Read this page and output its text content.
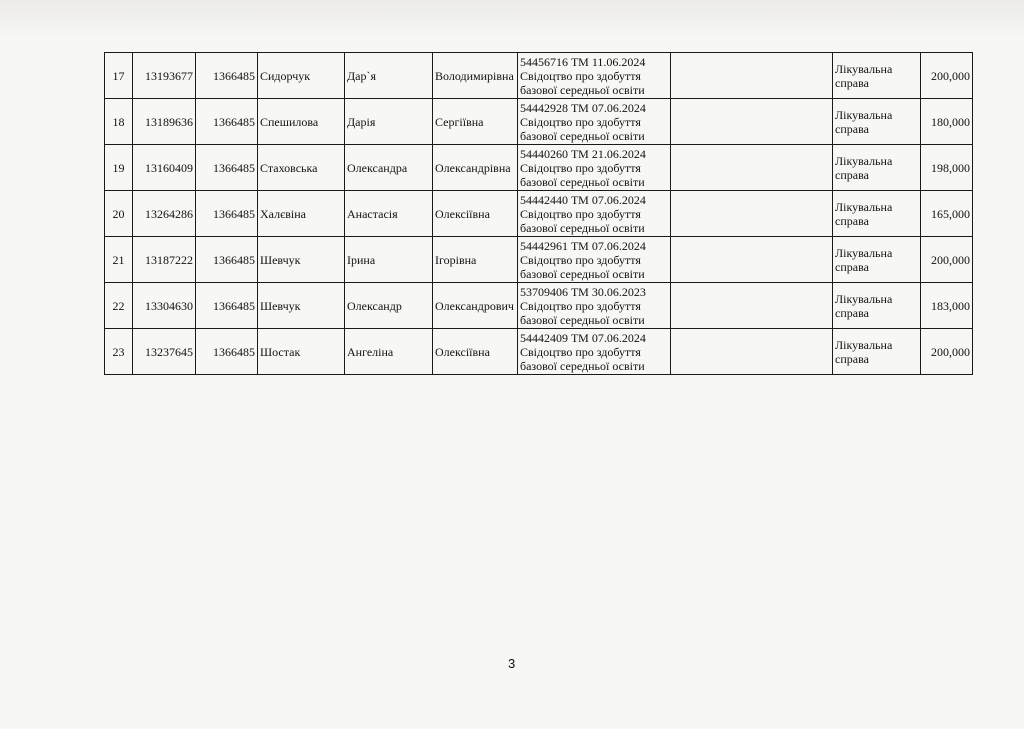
17	13193677	1366485	Сидорчук	Дар`я	Володимирівна	54456716 ТМ 11.06.2024
Свідоцтво про здобуття
базової середньої освіти		Лікувальна
справа	200,000
18	13189636	1366485	Спешилова	Дарія	Сергіївна	54442928 ТМ 07.06.2024
Свідоцтво про здобуття
базової середньої освіти		Лікувальна
справа	180,000
19	13160409	1366485	Стаховська	Олександра	Олександрівна	54440260 ТМ 21.06.2024
Свідоцтво про здобуття
базової середньої освіти		Лікувальна
справа	198,000
20	13264286	1366485	Халєвіна	Анастасія	Олексіївна	54442440 ТМ 07.06.2024
Свідоцтво про здобуття
базової середньої освіти		Лікувальна
справа	165,000
21	13187222	1366485	Шевчук	Ірина	Ігорівна	54442961 ТМ 07.06.2024
Свідоцтво про здобуття
базової середньої освіти		Лікувальна
справа	200,000
22	13304630	1366485	Шевчук	Олександр	Олександрович	53709406 ТМ 30.06.2023
Свідоцтво про здобуття
базової середньої освіти		Лікувальна
справа	183,000
23	13237645	1366485	Шостак	Ангеліна	Олексіївна	54442409 ТМ 07.06.2024
Свідоцтво про здобуття
базової середньої освіти		Лікувальна
справа	200,000
3
